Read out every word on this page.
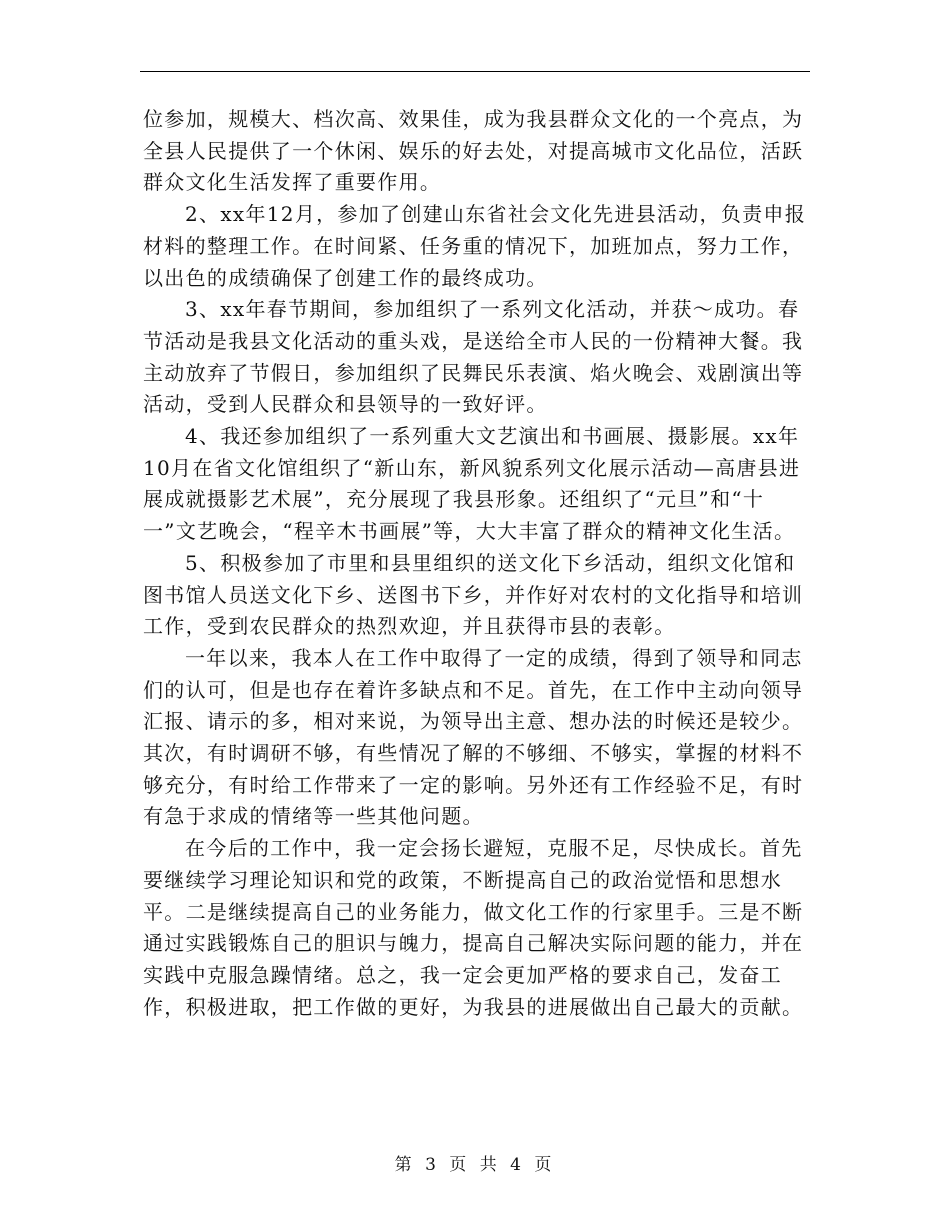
位参加，规模大、档次高、效果佳，成为我县群众文化的一个亮点，为全县人民提供了一个休闲、娱乐的好去处，对提高城市文化品位，活跃群众文化生活发挥了重要作用。

2、xx年12月，参加了创建山东省社会文化先进县活动，负责申报材料的整理工作。在时间紧、任务重的情况下，加班加点，努力工作，以出色的成绩确保了创建工作的最终成功。

3、xx年春节期间，参加组织了一系列文化活动，并获～成功。春节活动是我县文化活动的重头戏，是送给全市人民的一份精神大餐。我主动放弃了节假日，参加组织了民舞民乐表演、焰火晚会、戏剧演出等活动，受到人民群众和县领导的一致好评。

4、我还参加组织了一系列重大文艺演出和书画展、摄影展。xx年10月在省文化馆组织了“新山东，新风貌系列文化展示活动—高唐县进展成就摄影艺术展”，充分展现了我县形象。还组织了“元旦”和“十一”文艺晚会，“程辛木书画展”等，大大丰富了群众的精神文化生活。

5、积极参加了市里和县里组织的送文化下乡活动，组织文化馆和图书馆人员送文化下乡、送图书下乡，并作好对农村的文化指导和培训工作，受到农民群众的热烈欢迎，并且获得市县的表彰。

一年以来，我本人在工作中取得了一定的成绩，得到了领导和同志们的认可，但是也存在着许多缺点和不足。首先，在工作中主动向领导汇报、请示的多，相对来说，为领导出主意、想办法的时候还是较少。其次，有时调研不够，有些情况了解的不够细、不够实，掌握的材料不够充分，有时给工作带来了一定的影响。另外还有工作经验不足，有时有急于求成的情绪等一些其他问题。

在今后的工作中，我一定会扬长避短，克服不足，尽快成长。首先要继续学习理论知识和党的政策，不断提高自己的政治觉悟和思想水平。二是继续提高自己的业务能力，做文化工作的行家里手。三是不断通过实践锻炼自己的胆识与魄力，提高自己解决实际问题的能力，并在实践中克服急躁情绪。总之，我一定会更加严格的要求自己，发奋工作，积极进取，把工作做的更好，为我县的进展做出自己最大的贡献。

第 3 页 共 4 页
